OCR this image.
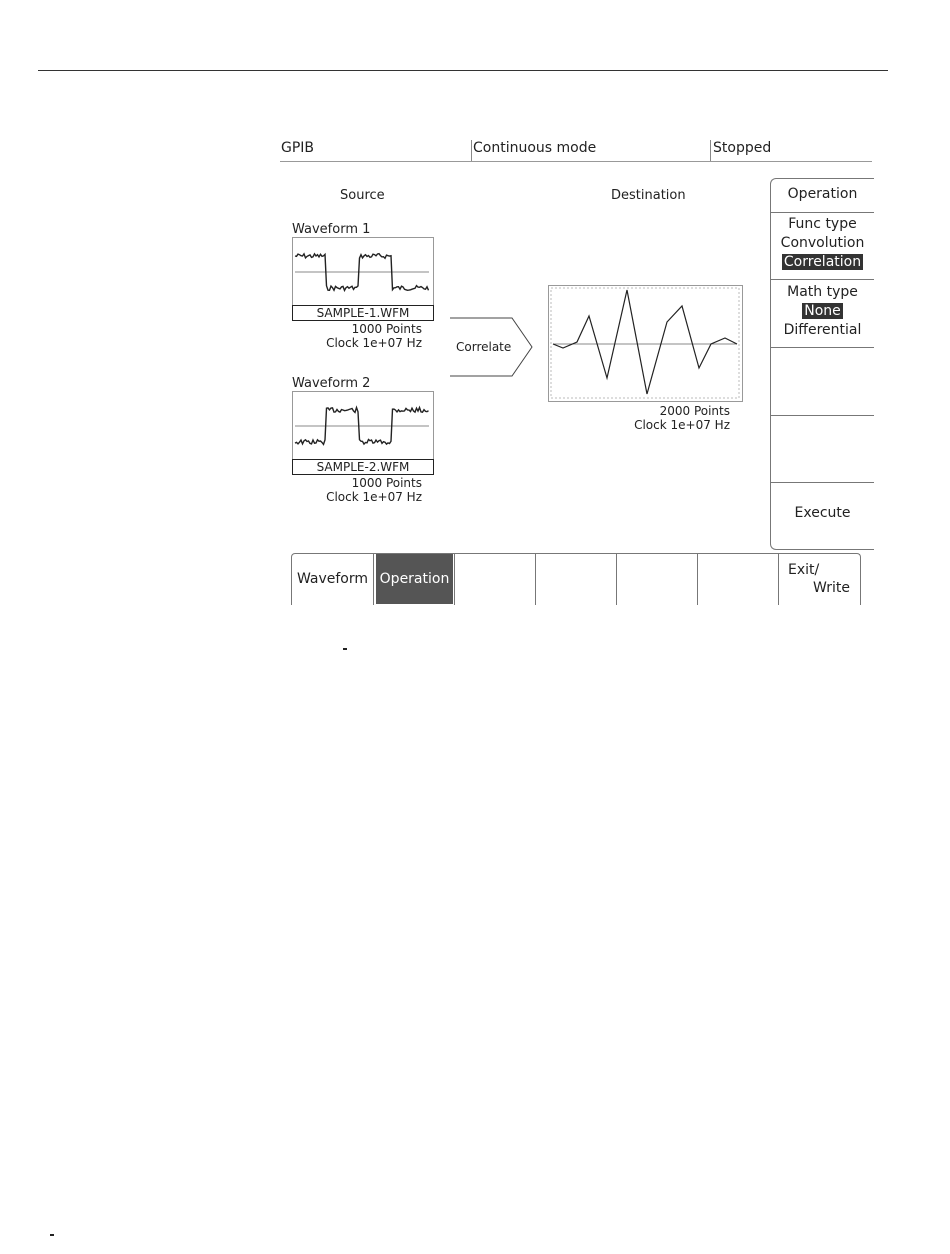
GPIB	Continuous mode	Stopped
Source	Destination
Waveform 1
SAMPLE-1.WFM
1000 Points
Clock 1e+07 Hz
Waveform 2
SAMPLE-2.WFM
1000 Points
Clock 1e+07 Hz
Correlate
2000 Points
Clock 1e+07 Hz
Operation
Func type
Convolution
Correlation
Math type
None
Differential
Execute
Waveform Operation
Exit/
Write
